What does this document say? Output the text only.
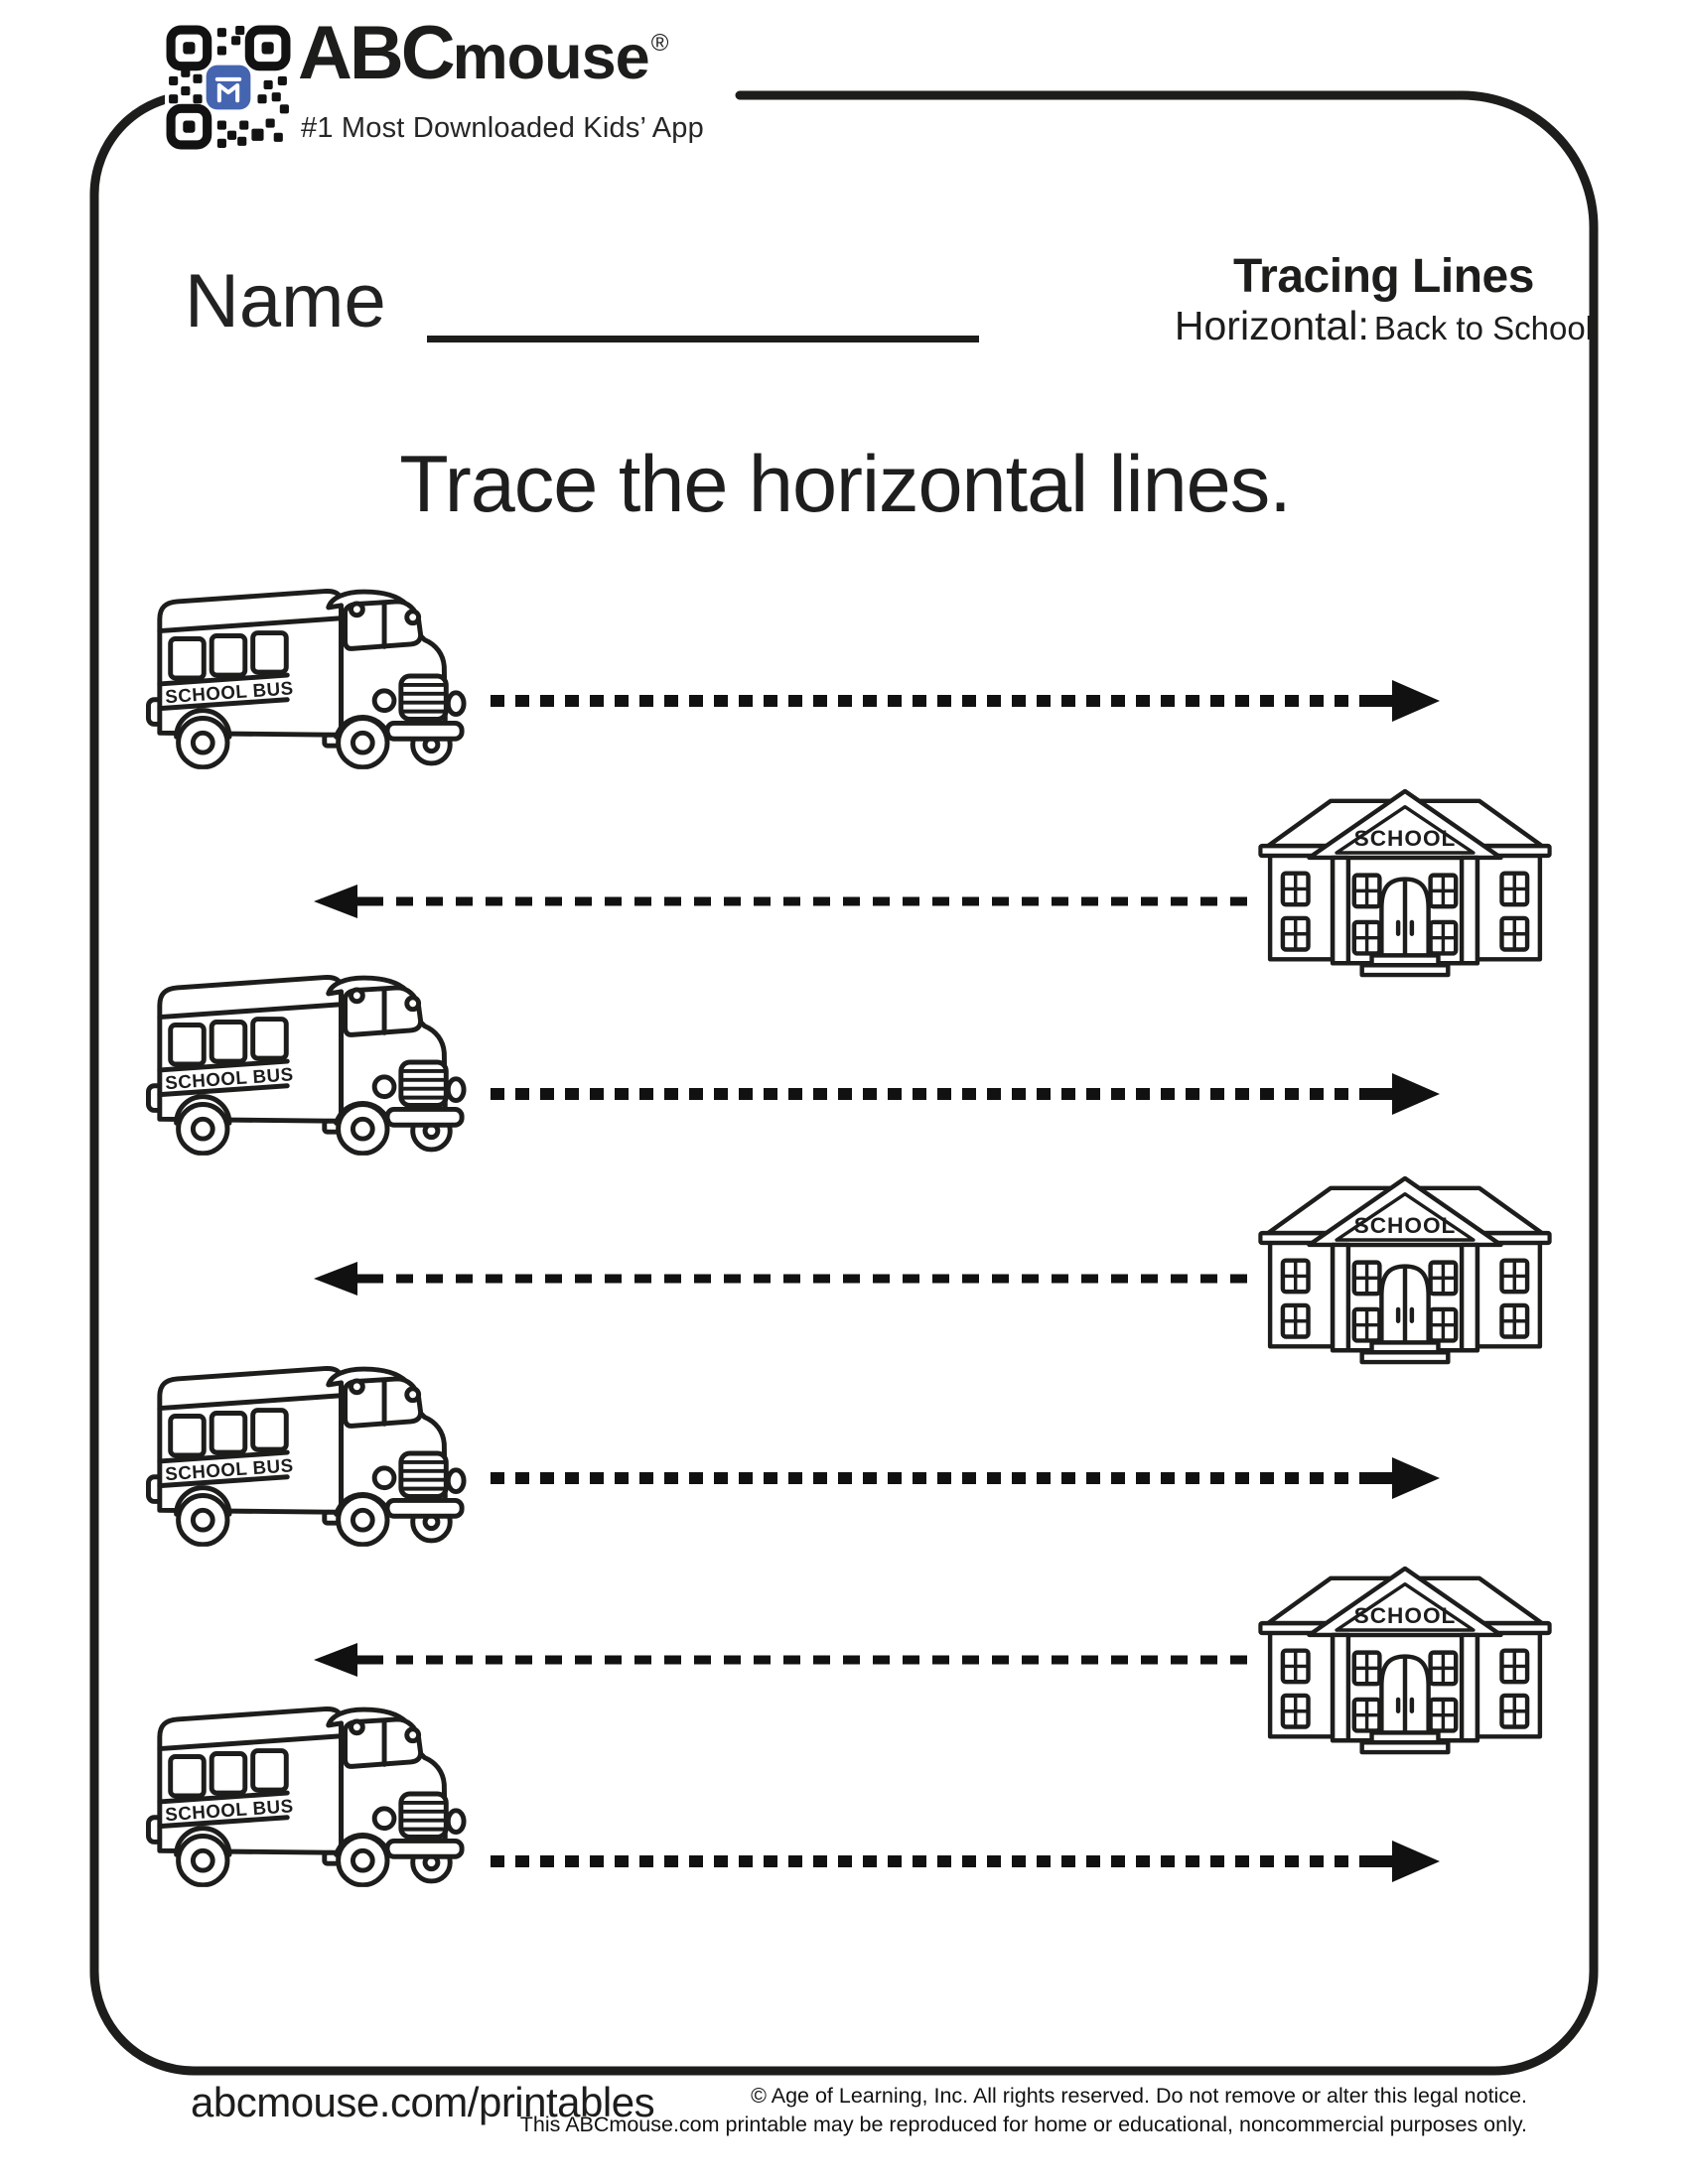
ABCmouse®
#1 Most Downloaded Kids’ App
Name	Tracing Lines
Horizontal: Back to School
Trace the horizontal lines.
abcmouse.com/printables	© Age of Learning, Inc. All rights reserved. Do not remove or alter this legal notice.
This ABCmouse.com printable may be reproduced for home or educational, noncommercial purposes only.
